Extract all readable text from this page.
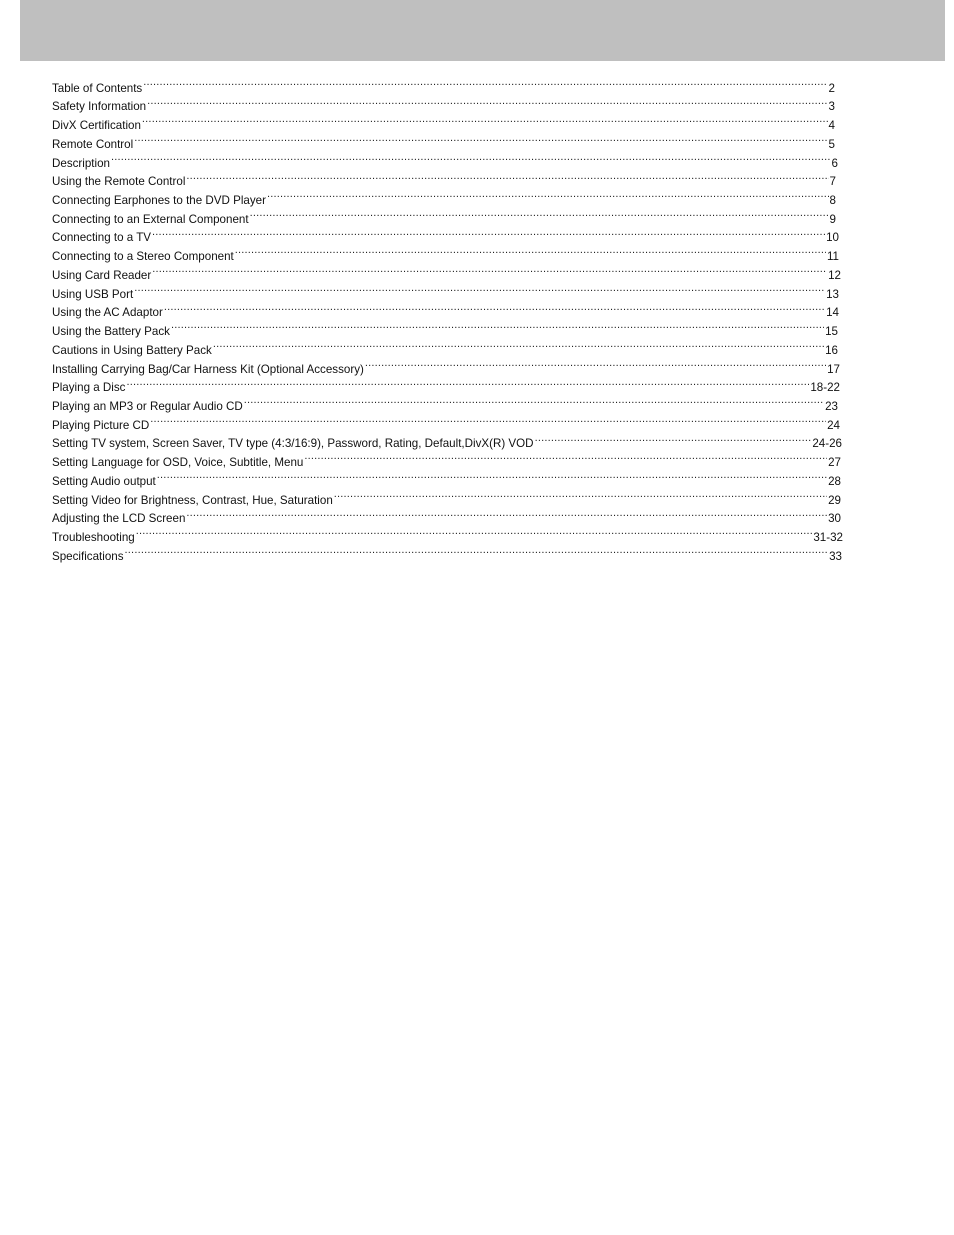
Table of Contents .....	2
Safety Information .....	3
DivX Certification .....	4
Remote Control .....	5
Description .....	6
Using the Remote Control .....	7
Connecting Earphones to the DVD Player .....	8
Connecting to an External Component .....	9
Connecting to a TV .....	10
Connecting to a Stereo Component .....	11
Using Card Reader .....	12
Using USB Port .....	13
Using the AC Adaptor .....	14
Using the Battery Pack .....	15
Cautions in Using Battery Pack .....	16
Installing Carrying Bag/Car Harness Kit (Optional Accessory) .....	17
Playing a Disc .....	18-22
Playing an MP3 or Regular Audio CD .....	23
Playing Picture CD .....	24
Setting TV system, Screen Saver, TV type (4:3/16:9), Password, Rating, Default,DivX(R) VOD .....	24-26
Setting Language for OSD, Voice, Subtitle, Menu .....	27
Setting Audio output .....	28
Setting Video for Brightness, Contrast, Hue, Saturation .....	29
Adjusting the LCD Screen .....	30
Troubleshooting .....	31-32
Specifications .....	33
